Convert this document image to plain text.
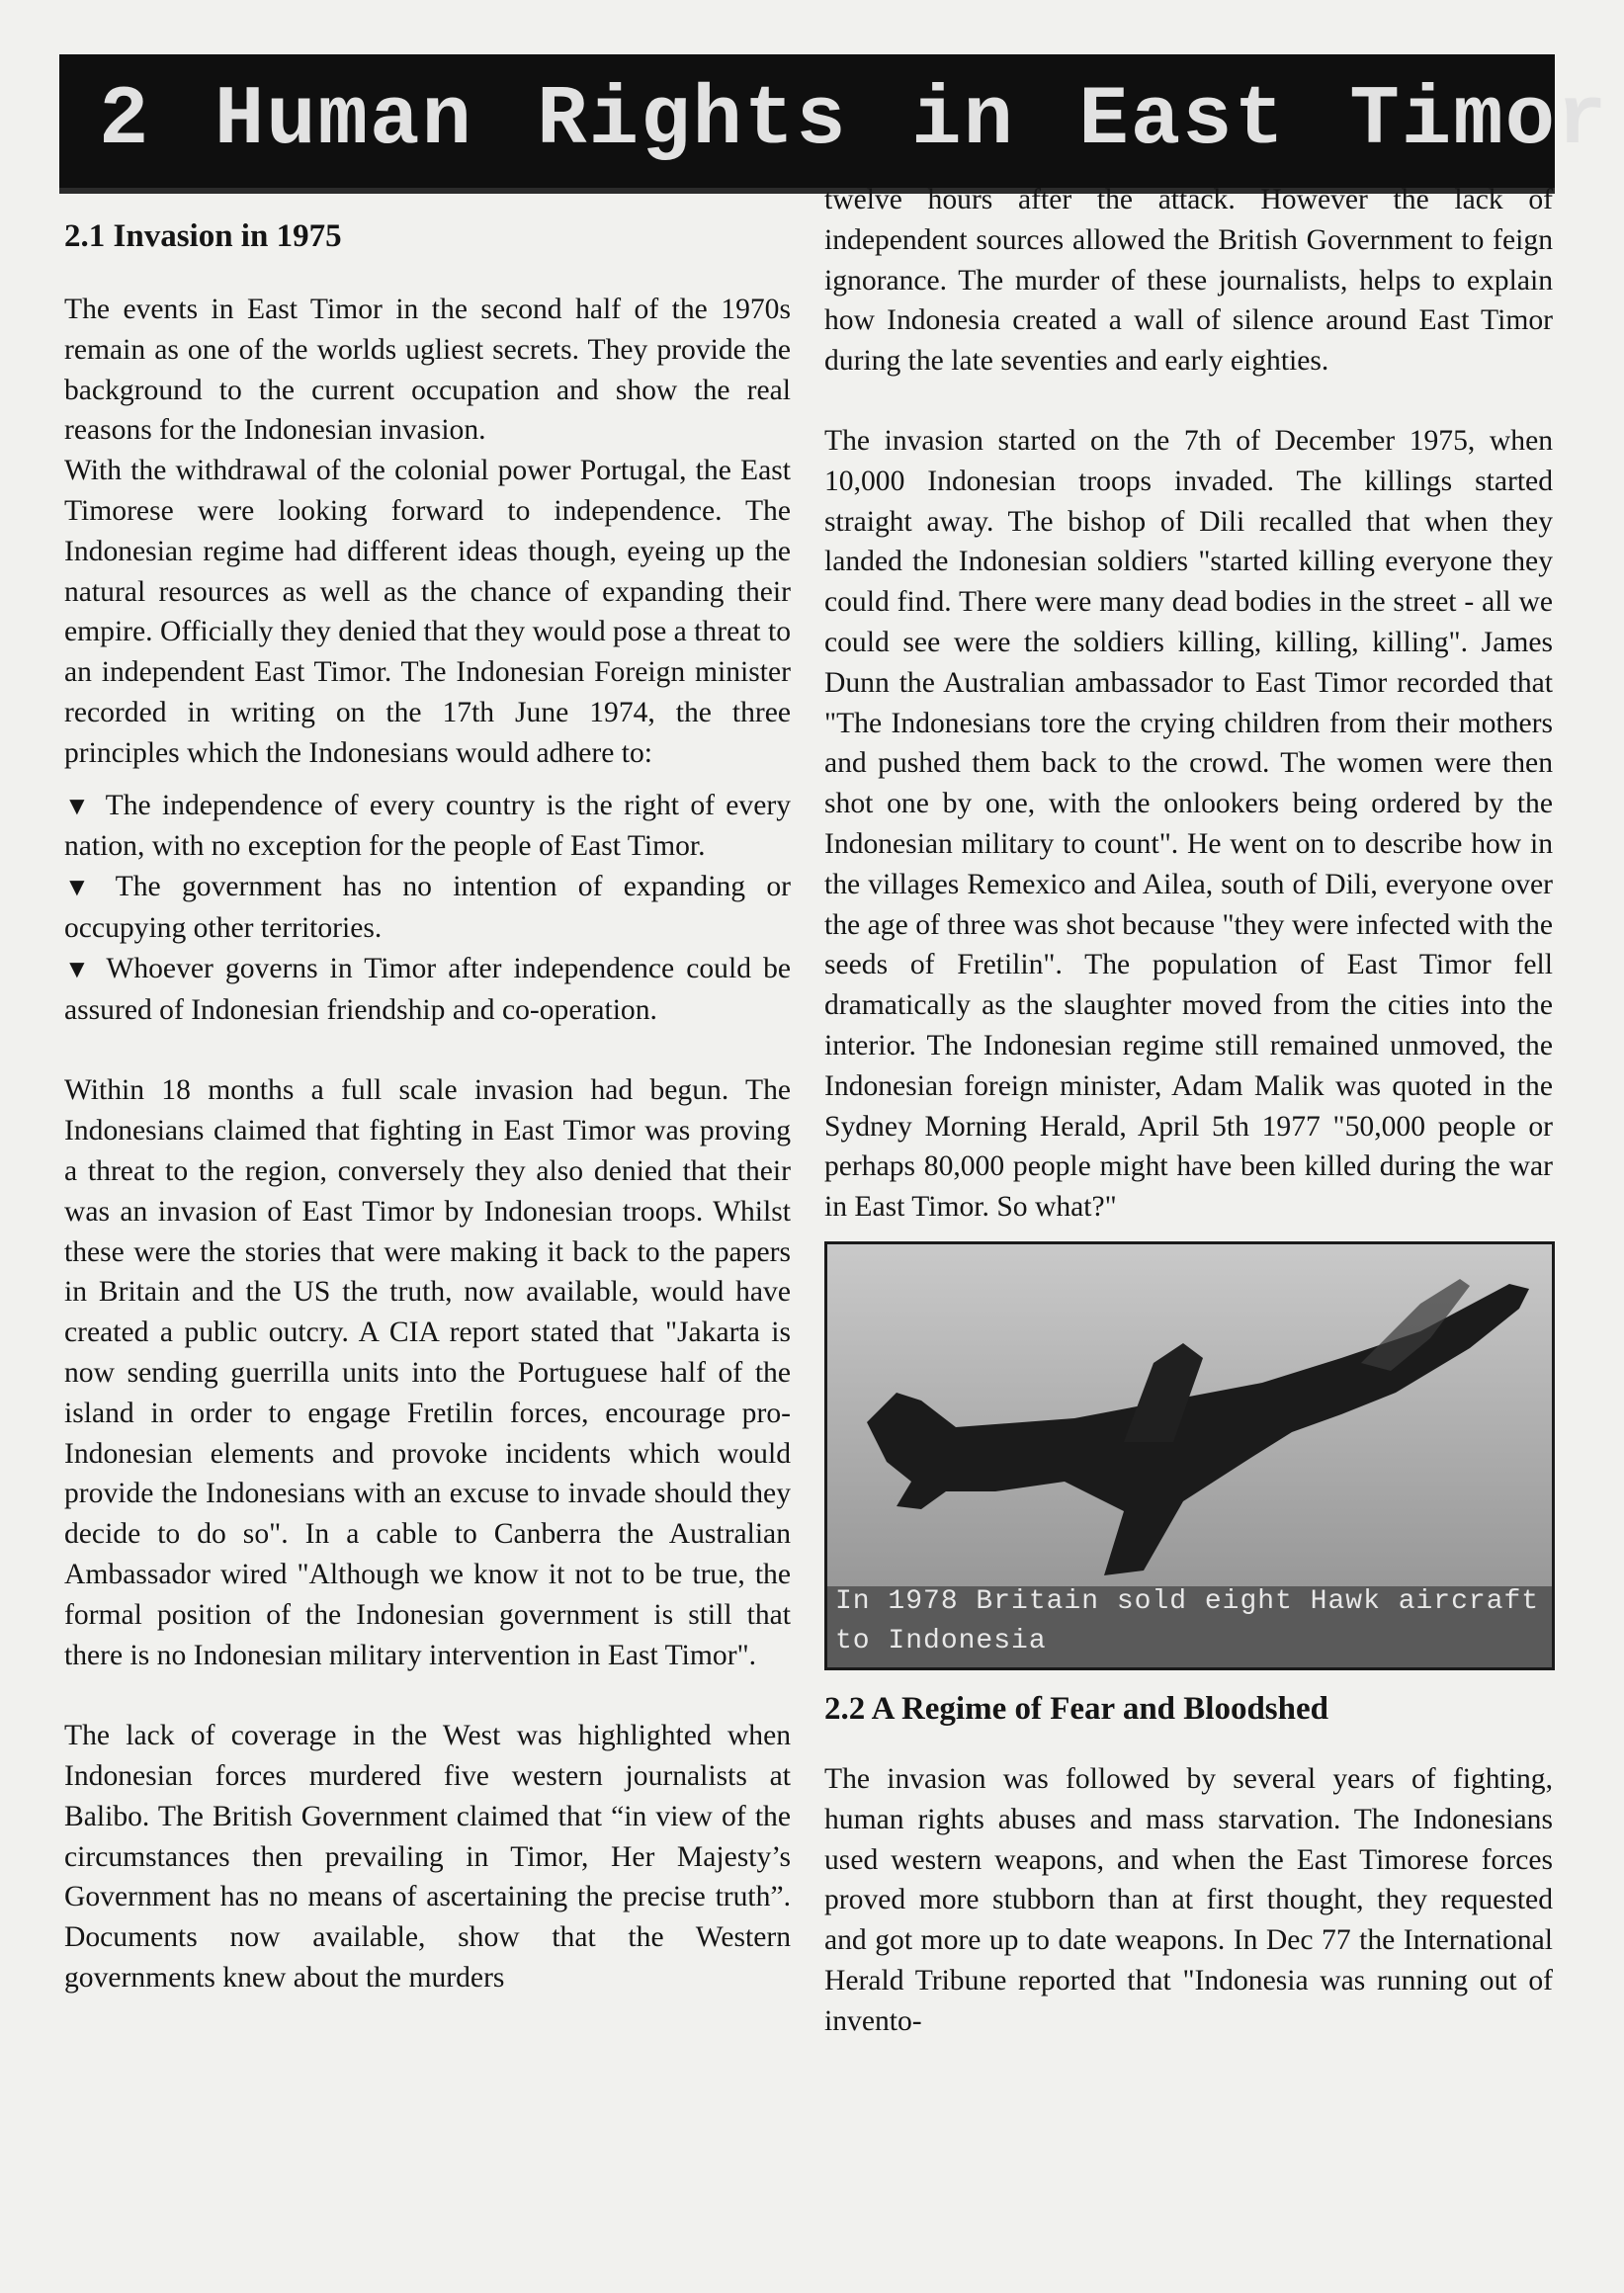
2 Human Rights in East Timor
2.1 Invasion in 1975

The events in East Timor in the second half of the 1970s remain as one of the worlds ugliest secrets. They provide the background to the current occupation and show the real reasons for the Indonesian invasion.

With the withdrawal of the colonial power Portugal, the East Timorese were looking forward to independence. The Indonesian regime had different ideas though, eyeing up the natural resources as well as the chance of expanding their empire. Officially they denied that they would pose a threat to an independent East Timor. The Indonesian Foreign minister recorded in writing on the 17th June 1974, the three principles which the Indonesians would adhere to:

▼ The independence of every country is the right of every nation, with no exception for the people of East Timor.
▼ The government has no intention of expanding or occupying other territories.
▼ Whoever governs in Timor after independence could be assured of Indonesian friendship and co-operation.

Within 18 months a full scale invasion had begun. The Indonesians claimed that fighting in East Timor was proving a threat to the region, conversely they also denied that their was an invasion of East Timor by Indonesian troops. Whilst these were the stories that were making it back to the papers in Britain and the US the truth, now available, would have created a public outcry. A CIA report stated that "Jakarta is now sending guerrilla units into the Portuguese half of the island in order to engage Fretilin forces, encourage pro-Indonesian elements and provoke incidents which would provide the Indonesians with an excuse to invade should they decide to do so". In a cable to Canberra the Australian Ambassador wired "Although we know it not to be true, the formal position of the Indonesian government is still that there is no Indonesian military intervention in East Timor".

The lack of coverage in the West was highlighted when Indonesian forces murdered five western journalists at Balibo. The British Government claimed that “in view of the circumstances then prevailing in Timor, Her Majesty’s Government has no means of ascertaining the precise truth”. Documents now available, show that the Western governments knew about the murders

twelve hours after the attack. However the lack of independent sources allowed the British Government to feign ignorance. The murder of these journalists, helps to explain how Indonesia created a wall of silence around East Timor during the late seventies and early eighties.

The invasion started on the 7th of December 1975, when 10,000 Indonesian troops invaded. The killings started straight away. The bishop of Dili recalled that when they landed the Indonesian soldiers "started killing everyone they could find. There were many dead bodies in the street - all we could see were the soldiers killing, killing, killing". James Dunn the Australian ambassador to East Timor recorded that "The Indonesians tore the crying children from their mothers and pushed them back to the crowd. The women were then shot one by one, with the onlookers being ordered by the Indonesian military to count". He went on to describe how in the villages Remexico and Ailea, south of Dili, everyone over the age of three was shot because "they were infected with the seeds of Fretilin". The population of East Timor fell dramatically as the slaughter moved from the cities into the interior. The Indonesian regime still remained unmoved, the Indonesian foreign minister, Adam Malik was quoted in the Sydney Morning Herald, April 5th 1977 "50,000 people or perhaps 80,000 people might have been killed during the war in East Timor. So what?"

In 1978 Britain sold eight Hawk aircraft to Indonesia
2.2 A Regime of Fear and Bloodshed

The invasion was followed by several years of fighting, human rights abuses and mass starvation. The Indonesians used western weapons, and when the East Timorese forces proved more stubborn than at first thought, they requested and got more up to date weapons. In Dec 77 the International Herald Tribune reported that "Indonesia was running out of invento-
